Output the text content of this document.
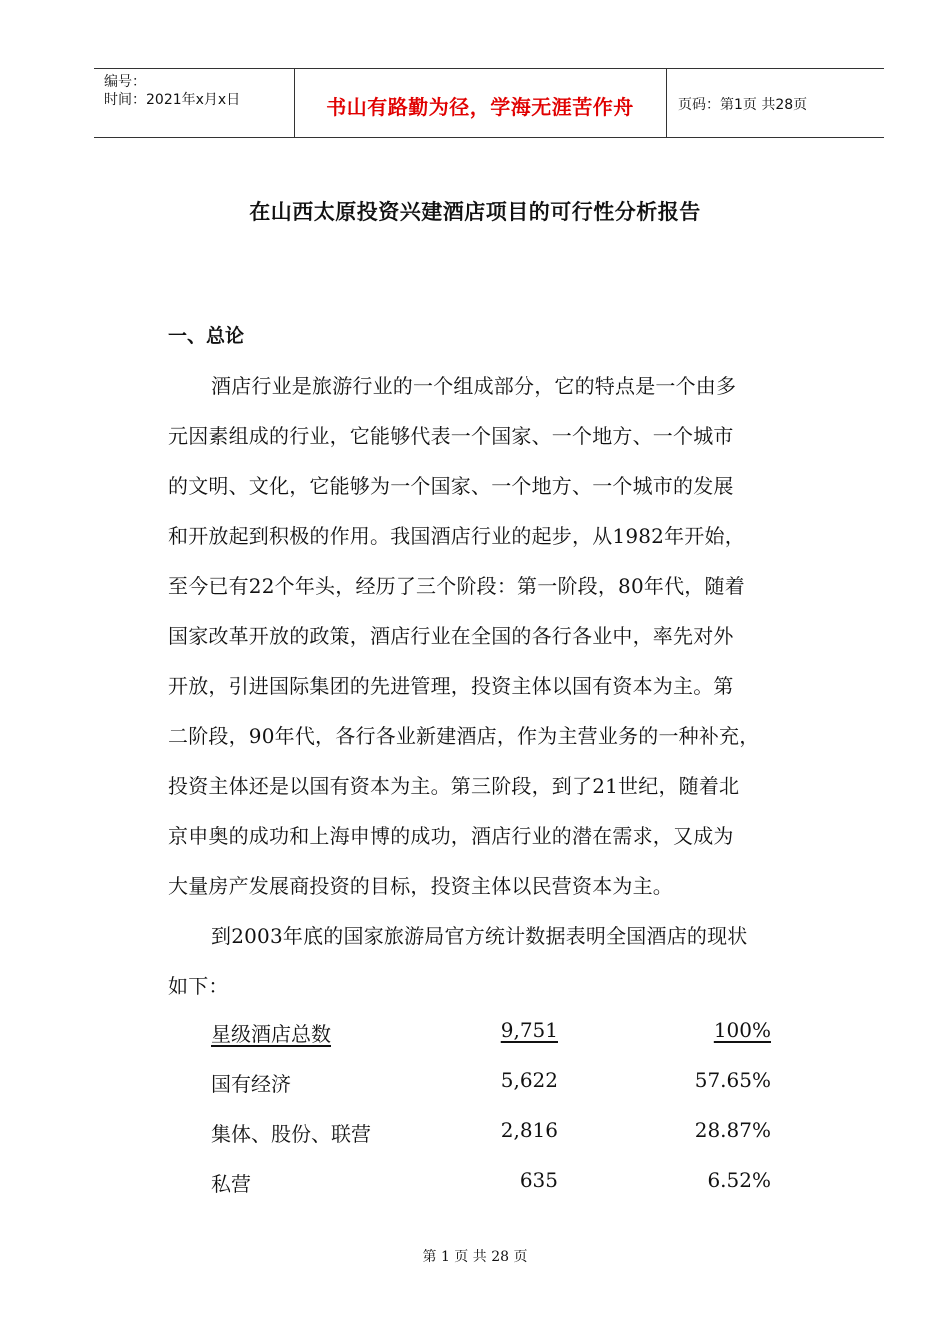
编号：
时间：2021年x月x日	书山有路勤为径，学海无涯苦作舟	页码：第1页 共28页
在山西太原投资兴建酒店项目的可行性分析报告
一、总论
酒店行业是旅游行业的一个组成部分，它的特点是一个由多
元因素组成的行业，它能够代表一个国家、一个地方、一个城市
的文明、文化，它能够为一个国家、一个地方、一个城市的发展
和开放起到积极的作用。我国酒店行业的起步，从1982年开始，
至今已有22个年头，经历了三个阶段：第一阶段，80年代，随着
国家改革开放的政策，酒店行业在全国的各行各业中，率先对外
开放，引进国际集团的先进管理，投资主体以国有资本为主。第
二阶段，90年代，各行各业新建酒店，作为主营业务的一种补充，
投资主体还是以国有资本为主。第三阶段，到了21世纪，随着北
京申奥的成功和上海申博的成功，酒店行业的潜在需求，又成为
大量房产发展商投资的目标，投资主体以民营资本为主。
到2003年底的国家旅游局官方统计数据表明全国酒店的现状
如下：
星级酒店总数	9,751	100%
国有经济	5,622	57.65%
集体、股份、联营	2,816	28.87%
私营	635	6.52%
第 1 页 共 28 页
